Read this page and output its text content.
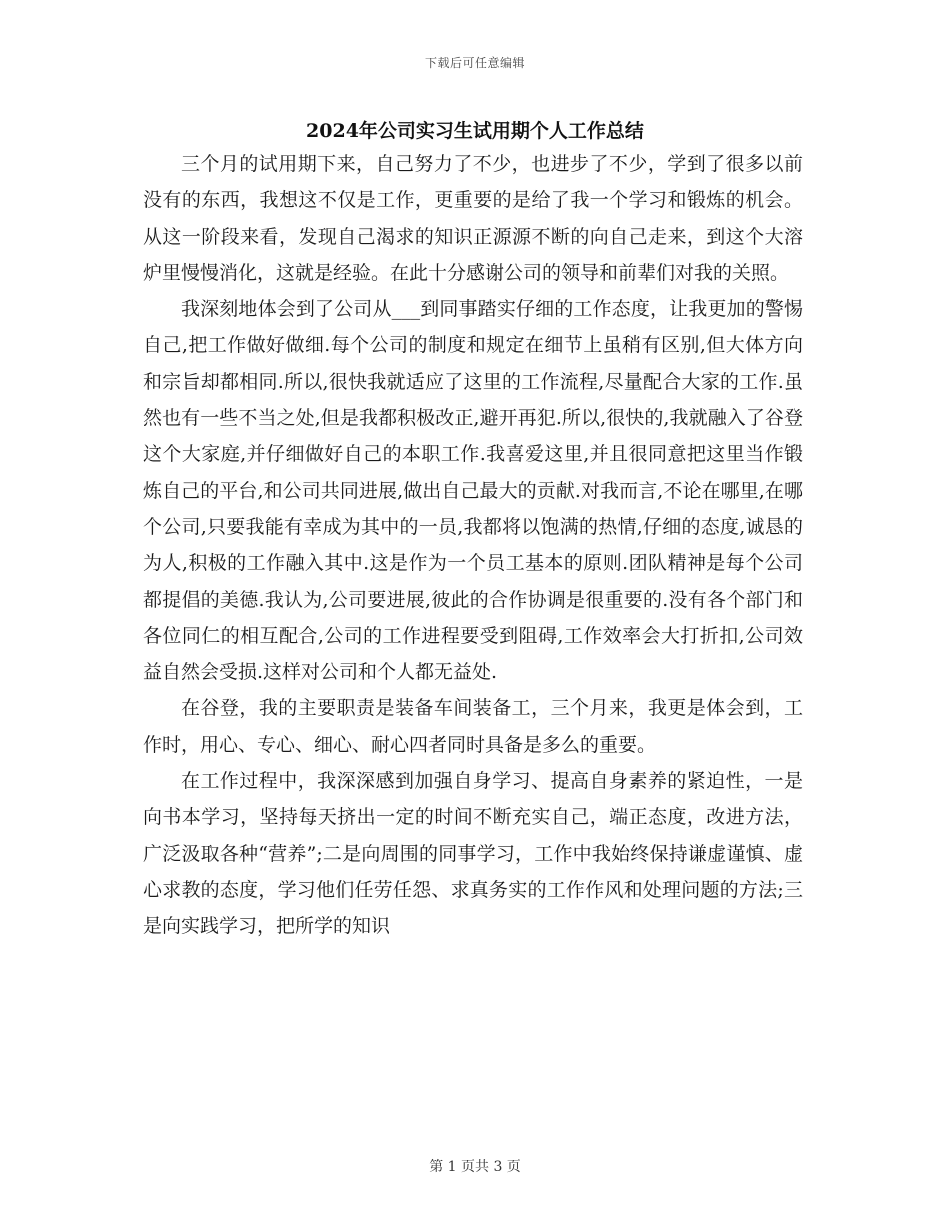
下载后可任意编辑
2024年公司实习生试用期个人工作总结

三个月的试用期下来，自己努力了不少，也进步了不少，学到了很多以前没有的东西，我想这不仅是工作，更重要的是给了我一个学习和锻炼的机会。从这一阶段来看，发现自己渴求的知识正源源不断的向自己走来，到这个大溶炉里慢慢消化，这就是经验。在此十分感谢公司的领导和前辈们对我的关照。

我深刻地体会到了公司从___到同事踏实仔细的工作态度，让我更加的警惕自己,把工作做好做细.每个公司的制度和规定在细节上虽稍有区别,但大体方向和宗旨却都相同.所以,很快我就适应了这里的工作流程,尽量配合大家的工作.虽然也有一些不当之处,但是我都积极改正,避开再犯.所以,很快的,我就融入了谷登这个大家庭,并仔细做好自己的本职工作.我喜爱这里,并且很同意把这里当作锻炼自己的平台,和公司共同进展,做出自己最大的贡献.对我而言,不论在哪里,在哪个公司,只要我能有幸成为其中的一员,我都将以饱满的热情,仔细的态度,诚恳的为人,积极的工作融入其中.这是作为一个员工基本的原则.团队精神是每个公司都提倡的美德.我认为,公司要进展,彼此的合作协调是很重要的.没有各个部门和各位同仁的相互配合,公司的工作进程要受到阻碍,工作效率会大打折扣,公司效益自然会受损.这样对公司和个人都无益处.

在谷登，我的主要职责是装备车间装备工，三个月来，我更是体会到，工作时，用心、专心、细心、耐心四者同时具备是多么的重要。

在工作过程中，我深深感到加强自身学习、提高自身素养的紧迫性，一是向书本学习，坚持每天挤出一定的时间不断充实自己，端正态度，改进方法，广泛汲取各种“营养”;二是向周围的同事学习，工作中我始终保持谦虚谨慎、虚心求教的态度，学习他们任劳任怨、求真务实的工作作风和处理问题的方法;三是向实践学习，把所学的知识

第 1 页共 3 页
